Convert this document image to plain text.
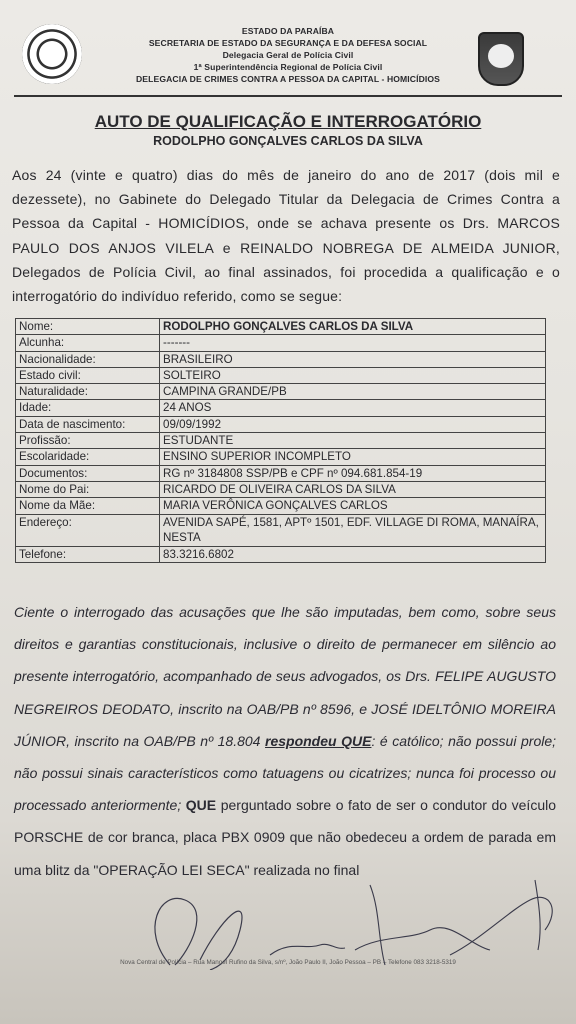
ESTADO DA PARAÍBA
SECRETARIA DE ESTADO DA SEGURANÇA E DA DEFESA SOCIAL
Delegacia Geral de Polícia Civil
1ª Superintendência Regional de Polícia Civil
DELEGACIA DE CRIMES CONTRA A PESSOA DA CAPITAL - HOMICÍDIOS
AUTO DE QUALIFICAÇÃO E INTERROGATÓRIO
RODOLPHO GONÇALVES CARLOS DA SILVA
Aos 24 (vinte e quatro) dias do mês de janeiro do ano de 2017 (dois mil e dezessete), no Gabinete do Delegado Titular da Delegacia de Crimes Contra a Pessoa da Capital - HOMICÍDIOS, onde se achava presente os Drs. MARCOS PAULO DOS ANJOS VILELA e REINALDO NOBREGA DE ALMEIDA JUNIOR, Delegados de Polícia Civil, ao final assinados, foi procedida a qualificação e o interrogatório do indivíduo referido, como se segue:
Nome:	RODOLPHO GONÇALVES CARLOS DA SILVA
Alcunha:	-------
Nacionalidade:	BRASILEIRO
Estado civil:	SOLTEIRO
Naturalidade:	CAMPINA GRANDE/PB
Idade:	24 ANOS
Data de nascimento:	09/09/1992
Profissão:	ESTUDANTE
Escolaridade:	ENSINO SUPERIOR INCOMPLETO
Documentos:	RG nº 3184808 SSP/PB e CPF nº 094.681.854-19
Nome do Pai:	RICARDO DE OLIVEIRA CARLOS DA SILVA
Nome da Mãe:	MARIA VERÔNICA GONÇALVES CARLOS
Endereço:	AVENIDA SAPÉ, 1581, APTº 1501, EDF. VILLAGE DI ROMA, MANAÍRA, NESTA
Telefone:	83.3216.6802
Ciente o interrogado das acusações que lhe são imputadas, bem como, sobre seus direitos e garantias constitucionais, inclusive o direito de permanecer em silêncio ao presente interrogatório, acompanhado de seus advogados, os Drs. FELIPE AUGUSTO NEGREIROS DEODATO, inscrito na OAB/PB nº 8596, e JOSÉ IDELTÔNIO MOREIRA JÚNIOR, inscrito na OAB/PB nº 18.804 respondeu QUE: é católico; não possui prole; não possui sinais característicos como tatuagens ou cicatrizes; nunca foi processo ou processado anteriormente; QUE perguntado sobre o fato de ser o condutor do veículo PORSCHE de cor branca, placa PBX 0909 que não obedeceu a ordem de parada em uma blitz da "OPERAÇÃO LEI SECA" realizada no final
Nova Central de Polícia – Rua Manoel Rufino da Silva, s/nº, João Paulo II, João Pessoa – PB – Telefone 083 3218-5319
